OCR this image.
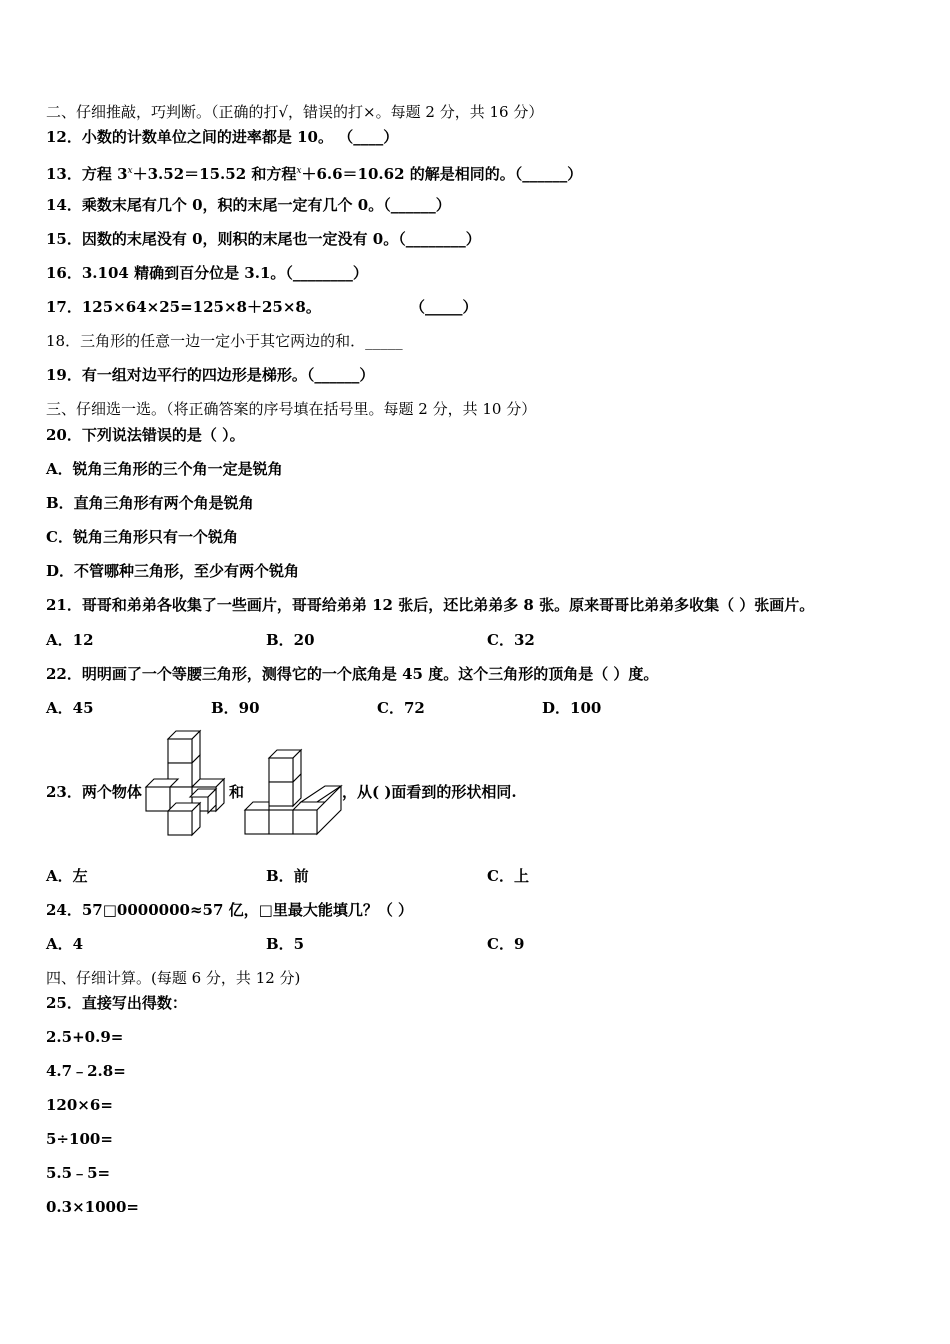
二、仔细推敲，巧判断。（正确的打√，错误的打×。每题 2 分，共 16 分）
12．小数的计数单位之间的进率都是 10。 （____）
13．方程 $3^x+3.52=15.52$ 和方程$^x$＋6.6＝10.62 的解是相同的。（______）
14．乘数末尾有几个 0，积的末尾一定有几个 0。（______）
15．因数的末尾没有 0，则积的末尾也一定没有 0。（________）
16．3.104 精确到百分位是 3.1。（________）
17．125×64×25=125×8＋25×8。	（_____）
18．三角形的任意一边一定小于其它两边的和．_____
19．有一组对边平行的四边形是梯形。（______）
三、仔细选一选。（将正确答案的序号填在括号里。每题 2 分，共 10 分）
20．下列说法错误的是（ ）。
A．锐角三角形的三个角一定是锐角
B．直角三角形有两个角是锐角
C．锐角三角形只有一个锐角
D．不管哪种三角形，至少有两个锐角
21．哥哥和弟弟各收集了一些画片，哥哥给弟弟 12 张后，还比弟弟多 8 张。原来哥哥比弟弟多收集（ ）张画片。
A．12	B．20	C．32
22．明明画了一个等腰三角形，测得它的一个底角是 45 度。这个三角形的顶角是（ ）度。
A．45	B．90	C．72	D．100
23．两个物体	和	，从( )面看到的形状相同.
A．左	B．前	C．上
24．57□0000000≈57 亿，□里最大能填几？（ ）
A．4	B．5	C．9
四、仔细计算。(每题 6 分，共 12 分)
25．直接写出得数：
2.5+0.9=
4.7﹣2.8=
120×6=
5÷100=
5.5﹣5=
0.3×1000=
